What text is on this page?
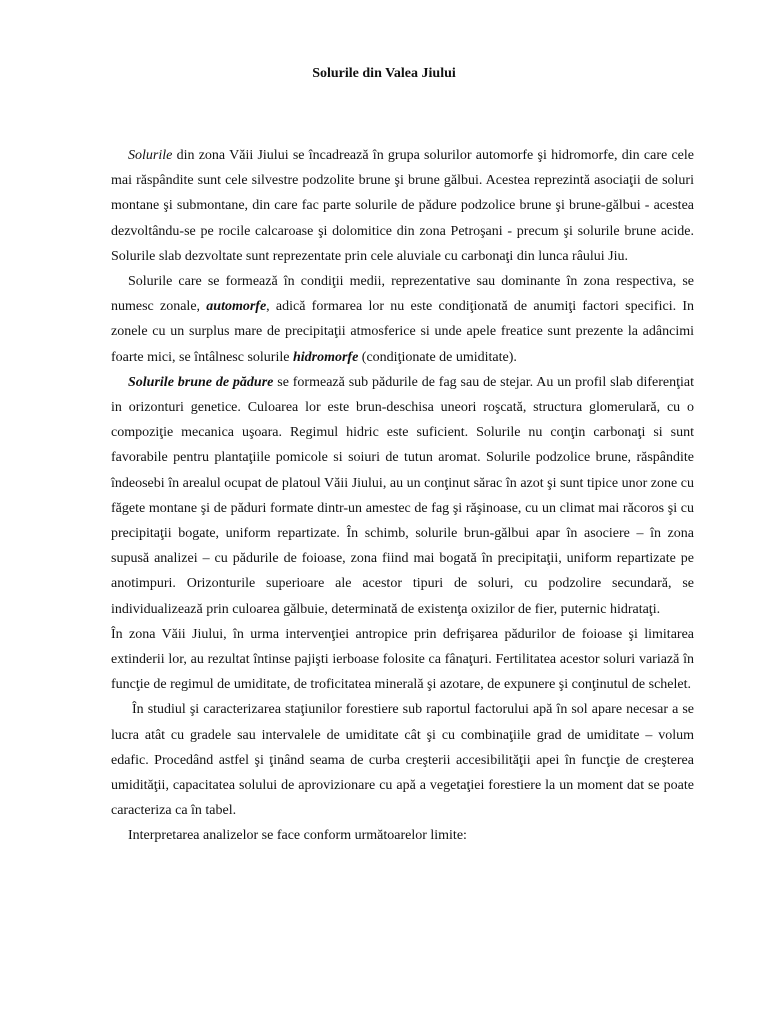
Solurile din Valea Jiului

Solurile din zona Văii Jiului se încadrează în grupa solurilor automorfe şi hidromorfe, din care cele mai răspândite sunt cele silvestre podzolite brune şi brune gălbui. Acestea reprezintă asociaţii de soluri montane şi submontane, din care fac parte solurile de pădure podzolice brune şi brune-gălbui - acestea dezvoltându-se pe rocile calcaroase şi dolomitice din zona Petroşani - precum şi solurile brune acide. Solurile slab dezvoltate sunt reprezentate prin cele aluviale cu carbonaţi din lunca râului Jiu.

Solurile care se formează în condiţii medii, reprezentative sau dominante în zona respectiva, se numesc zonale, automorfe, adică formarea lor nu este condiţionată de anumiţi factori specifici. In zonele cu un surplus mare de precipitaţii atmosferice si unde apele freatice sunt prezente la adâncimi foarte mici, se întâlnesc solurile hidromorfe (condiţionate de umiditate).

Solurile brune de pădure se formează sub pădurile de fag sau de stejar. Au un profil slab diferenţiat in orizonturi genetice. Culoarea lor este brun-deschisa uneori roşcată, structura glomerulară, cu o compoziţie mecanica uşoara. Regimul hidric este suficient. Solurile nu conţin carbonaţi si sunt favorabile pentru plantaţiile pomicole si soiuri de tutun aromat. Solurile podzolice brune, răspândite îndeosebi în arealul ocupat de platoul Văii Jiului, au un conţinut sărac în azot şi sunt tipice unor zone cu făgete montane şi de păduri formate dintr-un amestec de fag şi răşinoase, cu un climat mai răcoros şi cu precipitaţii bogate, uniform repartizate. În schimb, solurile brun-gălbui apar în asociere – în zona supusă analizei – cu pădurile de foioase, zona fiind mai bogată în precipitaţii, uniform repartizate pe anotimpuri. Orizonturile superioare ale acestor tipuri de soluri, cu podzolire secundară, se individualizează prin culoarea gălbuie, determinată de existenţa oxizilor de fier, puternic hidrataţi.

În zona Văii Jiului, în urma intervenţiei antropice prin defrişarea pădurilor de foioase şi limitarea extinderii lor, au rezultat întinse pajişti ierboase folosite ca fânaţuri. Fertilitatea acestor soluri variază în funcţie de regimul de umiditate, de troficitatea minerală şi azotare, de expunere şi conţinutul de schelet.

În studiul şi caracterizarea staţiunilor forestiere sub raportul factorului apă în sol apare necesar a se lucra atât cu gradele sau intervalele de umiditate cât şi cu combinaţiile grad de umiditate – volum edafic. Procedând astfel şi ţinând seama de curba creşterii accesibilităţii apei în funcţie de creşterea umidităţii, capacitatea solului de aprovizionare cu apă a vegetaţiei forestiere la un moment dat se poate caracteriza ca în tabel.

Interpretarea analizelor se face conform următoarelor limite:
